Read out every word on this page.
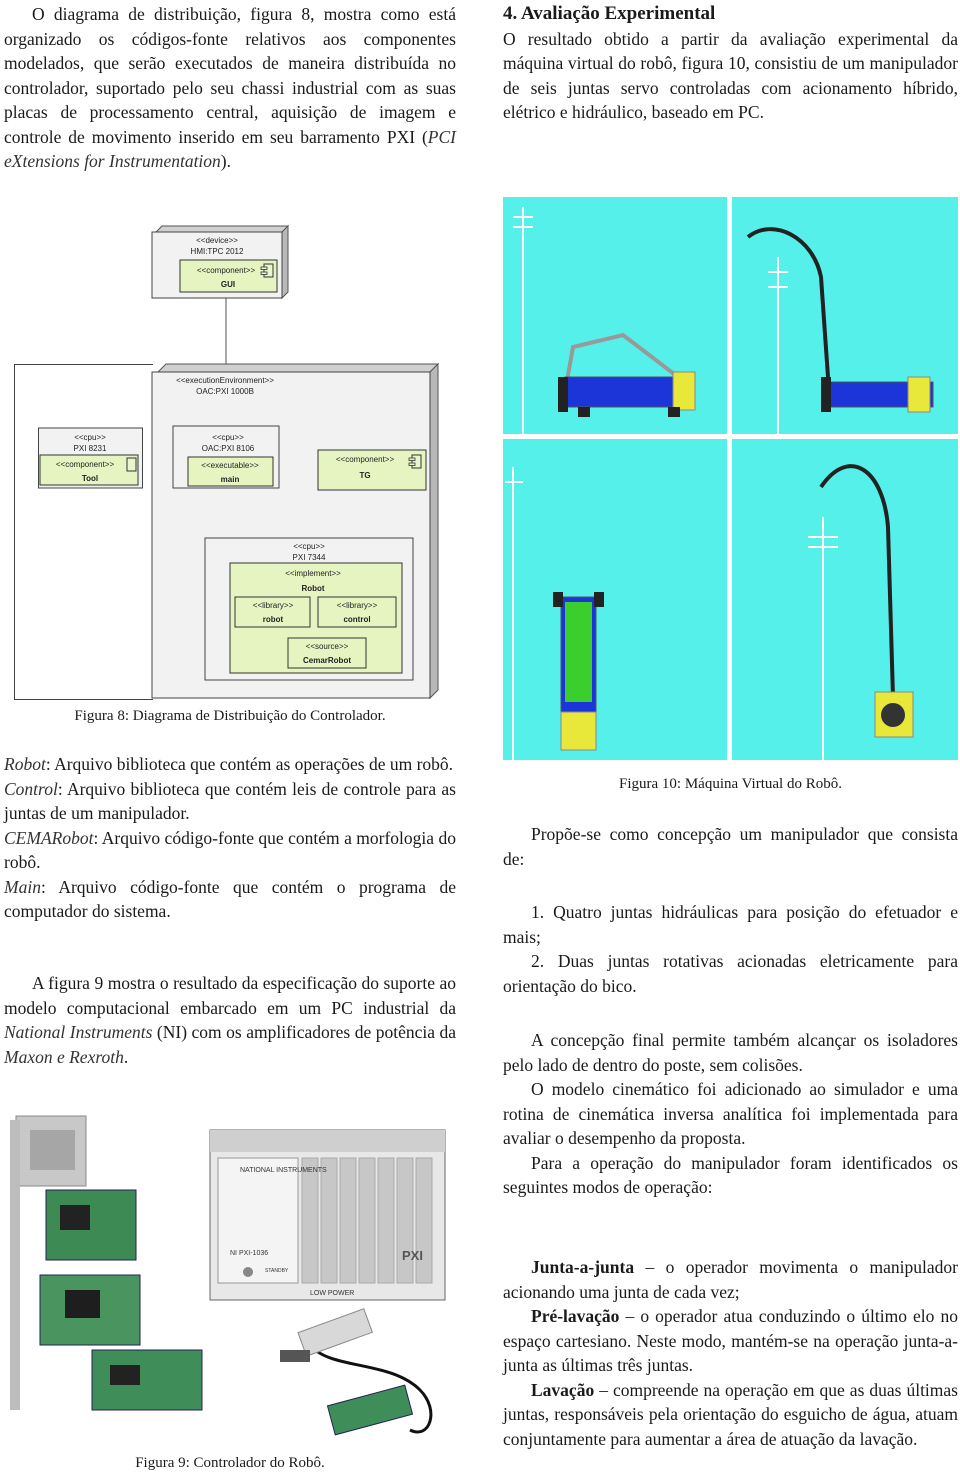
O diagrama de distribuição, figura 8, mostra como está organizado os códigos-fonte relativos aos componentes modelados, que serão executados de maneira distribuída no controlador, suportado pelo seu chassi industrial com as suas placas de processamento central, aquisição de imagem e controle de movimento inserido em seu barramento PXI (PCI eXtensions for Instrumentation).

<<device>>
HMI:TPC 2012
<<component>>
GUI
<<executionEnvironment>>
OAC:PXI 1000B
<<cpu>>
OAC:PXI 8106
<<executable>>
main
<<component>>
TG
<<cpu>>
PXI 7344
<<implement>>
Robot
<<library>>
robot
<<library>>
control
<<source>>
CemarRobot
<<cpu>>
PXI 8231
<<component>>
Tool
Figura 8: Diagrama de Distribuição do Controlador.

Robot: Arquivo biblioteca que contém as operações de um robô.

Control: Arquivo biblioteca que contém leis de controle para as juntas de um manipulador.

CEMARobot: Arquivo código-fonte que contém a morfologia do robô.

Main: Arquivo código-fonte que contém o programa de computador do sistema.

A figura 9 mostra o resultado da especificação do suporte ao modelo computacional embarcado em um PC industrial da National Instruments (NI) com os amplificadores de potência da Maxon e Rexroth.

NATIONAL INSTRUMENTS
NI PXI-1036	PXI
LOW POWER
STANDBY
Figura 9: Controlador do Robô.

4. Avaliação Experimental

O resultado obtido a partir da avaliação experimental da máquina virtual do robô, figura 10, consistiu de um manipulador de seis juntas servo controladas com acionamento híbrido, elétrico e hidráulico, baseado em PC.

Figura 10: Máquina Virtual do Robô.

Propõe-se como concepção um manipulador que consista de:

1. Quatro juntas hidráulicas para posição do efetuador e mais;

2. Duas juntas rotativas acionadas eletricamente para orientação do bico.

A concepção final permite também alcançar os isoladores pelo lado de dentro do poste, sem colisões.

O modelo cinemático foi adicionado ao simulador e uma rotina de cinemática inversa analítica foi implementada para avaliar o desempenho da proposta.

Para a operação do manipulador foram identificados os seguintes modos de operação:

Junta-a-junta – o operador movimenta o manipulador acionando uma junta de cada vez;

Pré-lavação – o operador atua conduzindo o último elo no espaço cartesiano. Neste modo, mantém-se na operação junta-a-junta as últimas três juntas.

Lavação – compreende na operação em que as duas últimas juntas, responsáveis pela orientação do esguicho de água, atuam conjuntamente para aumentar a área de atuação da lavação.
